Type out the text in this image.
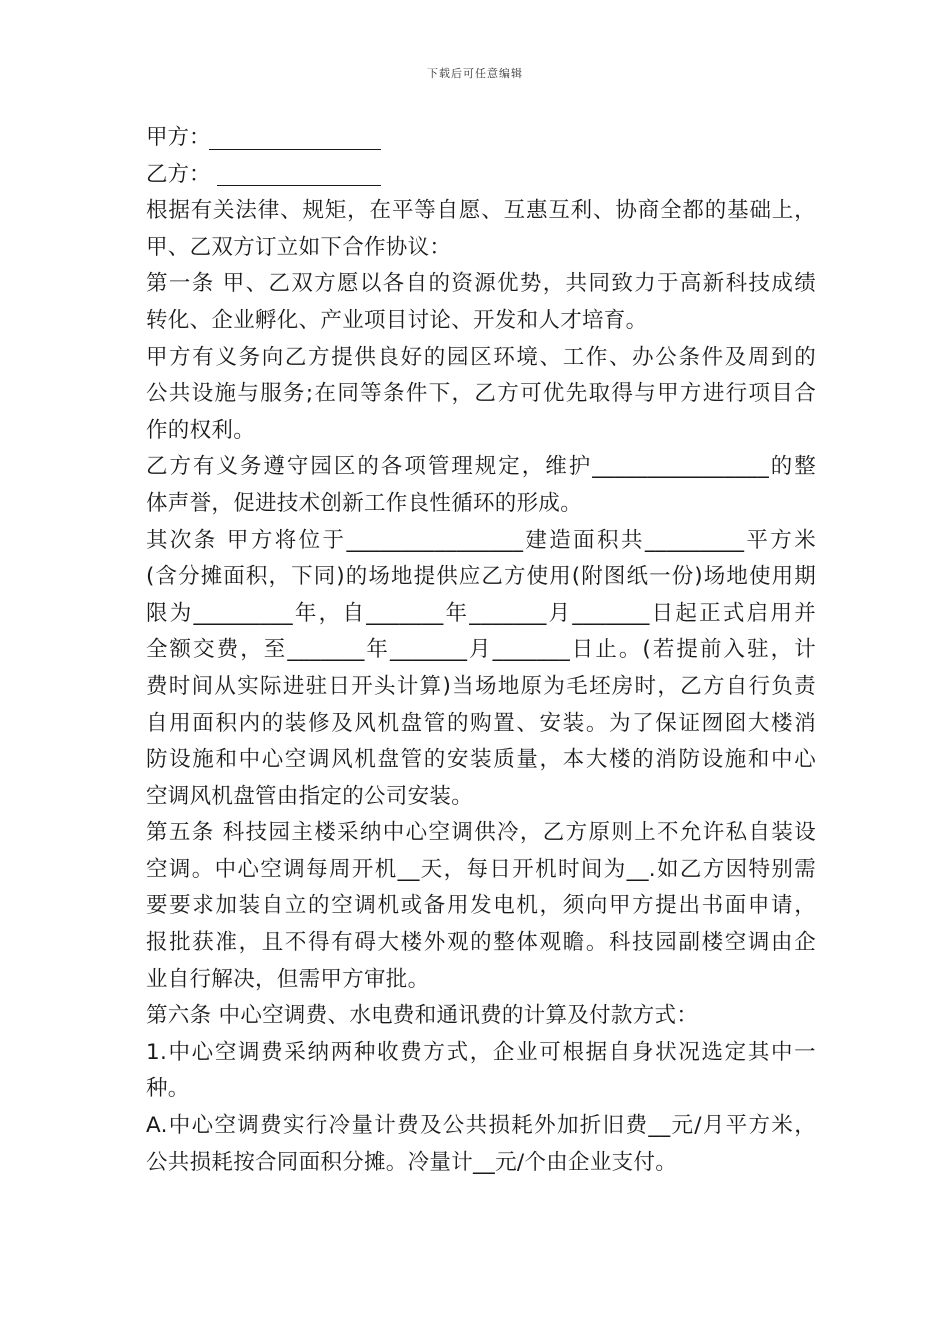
下载后可任意编辑
甲方：
乙方：
根据有关法律、规矩，在平等自愿、互惠互利、协商全都的基础上，
甲、乙双方订立如下合作协议：
第一条 甲、乙双方愿以各自的资源优势，共同致力于高新科技成绩
转化、企业孵化、产业项目讨论、开发和人才培育。
甲方有义务向乙方提供良好的园区环境、工作、办公条件及周到的
公共设施与服务;在同等条件下，乙方可优先取得与甲方进行项目合
作的权利。
乙方有义务遵守园区的各项管理规定，维护________________的整
体声誉，促进技术创新工作良性循环的形成。
其次条 甲方将位于________________建造面积共_________平方米
(含分摊面积，下同)的场地提供应乙方使用(附图纸一份)场地使用期
限为_________年，自_______年_______月_______日起正式启用并
全额交费，至_______年_______月_______日止。(若提前入驻，计
费时间从实际进驻日开头计算)当场地原为毛坯房时，乙方自行负责
自用面积内的装修及风机盘管的购置、安装。为了保证囫囵大楼消
防设施和中心空调风机盘管的安装质量，本大楼的消防设施和中心
空调风机盘管由指定的公司安装。
第五条 科技园主楼采纳中心空调供冷，乙方原则上不允许私自装设
空调。中心空调每周开机__天，每日开机时间为__.如乙方因特别需
要要求加装自立的空调机或备用发电机，须向甲方提出书面申请，
报批获准，且不得有碍大楼外观的整体观瞻。科技园副楼空调由企
业自行解决，但需甲方审批。
第六条 中心空调费、水电费和通讯费的计算及付款方式：
1.中心空调费采纳两种收费方式，企业可根据自身状况选定其中一
种。
A.中心空调费实行冷量计费及公共损耗外加折旧费__元/月平方米，
公共损耗按合同面积分摊。冷量计__元/个由企业支付。
